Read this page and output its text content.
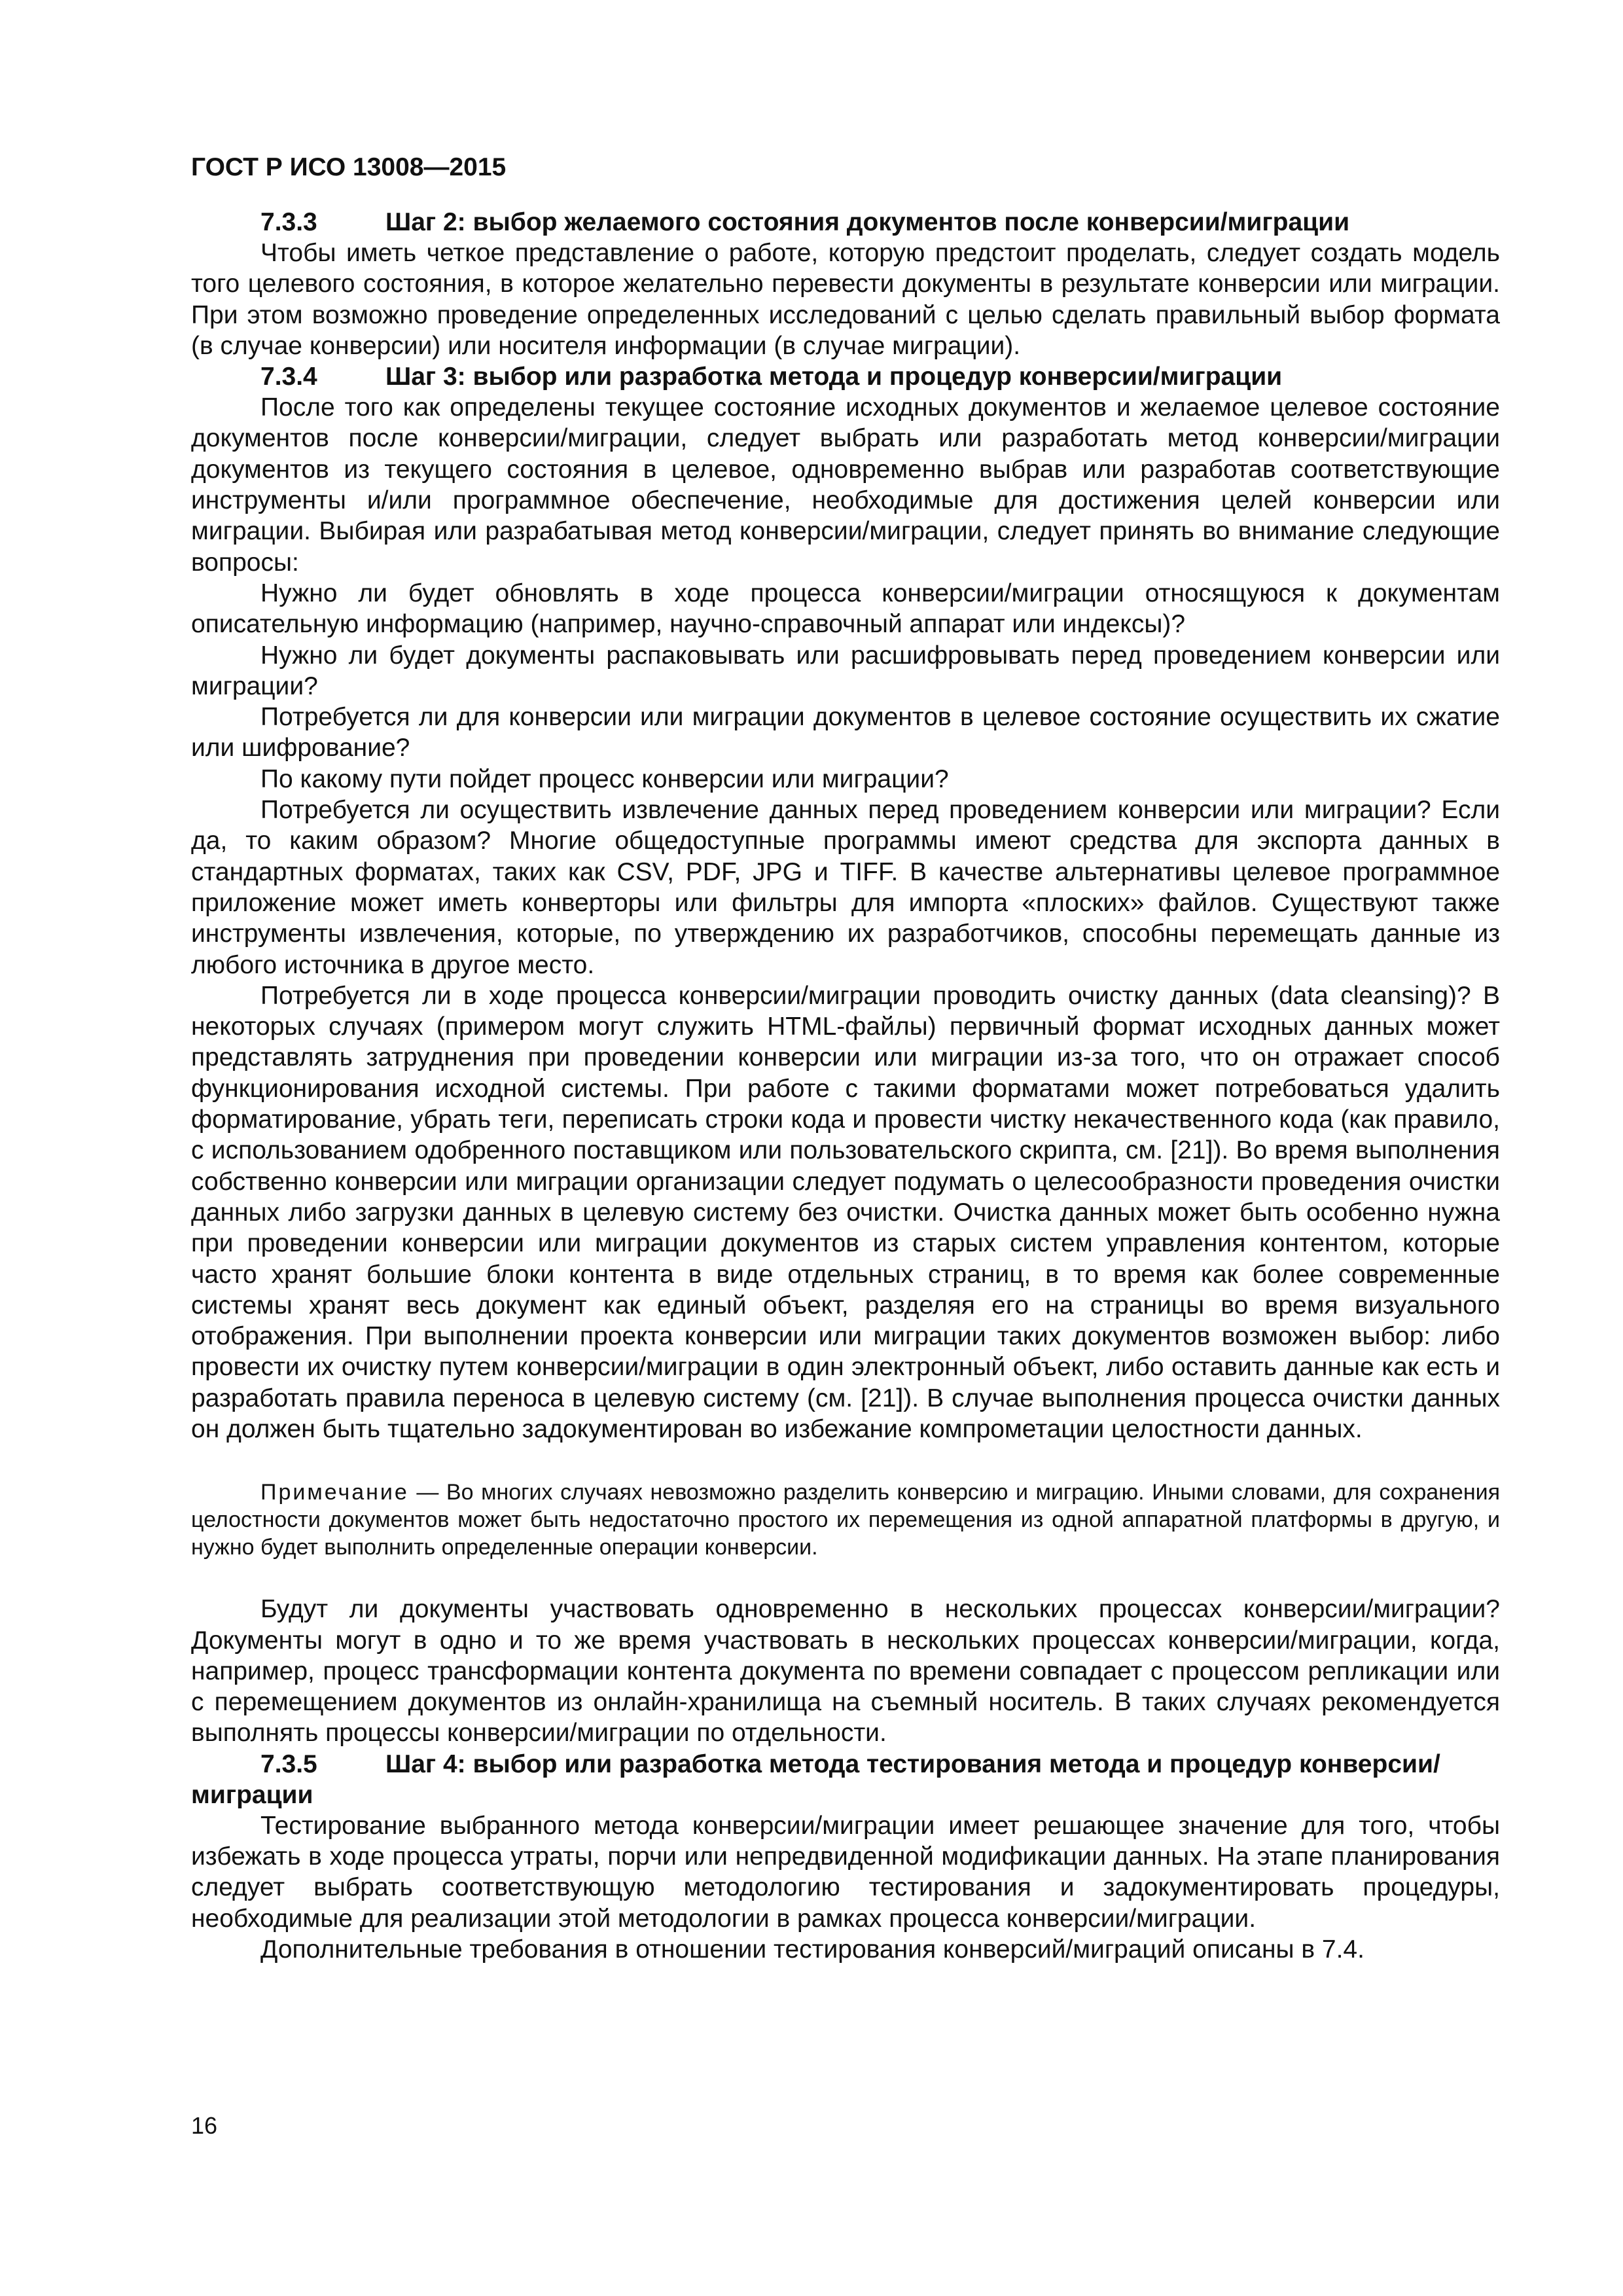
ГОСТ Р ИСО 13008—2015
7.3.3	Шаг 2: выбор желаемого состояния документов после конверсии/миграции

Чтобы иметь четкое представление о работе, которую предстоит проделать, следует создать модель того целевого состояния, в которое желательно перевести документы в результате конверсии или миграции. При этом возможно проведение определенных исследований с целью сделать правильный выбор формата (в случае конверсии) или носителя информации (в случае миграции).

7.3.4	Шаг 3: выбор или разработка метода и процедур конверсии/миграции

После того как определены текущее состояние исходных документов и желаемое целевое состояние документов после конверсии/миграции, следует выбрать или разработать метод конверсии/миграции документов из текущего состояния в целевое, одновременно выбрав или разработав соответствующие инструменты и/или программное обеспечение, необходимые для достижения целей конверсии или миграции. Выбирая или разрабатывая метод конверсии/миграции, следует принять во внимание следующие вопросы:

Нужно ли будет обновлять в ходе процесса конверсии/миграции относящуюся к документам описательную информацию (например, научно-справочный аппарат или индексы)?

Нужно ли будет документы распаковывать или расшифровывать перед проведением конверсии или миграции?

Потребуется ли для конверсии или миграции документов в целевое состояние осуществить их сжатие или шифрование?

По какому пути пойдет процесс конверсии или миграции?

Потребуется ли осуществить извлечение данных перед проведением конверсии или миграции? Если да, то каким образом? Многие общедоступные программы имеют средства для экспорта данных в стандартных форматах, таких как CSV, PDF, JPG и TIFF. В качестве альтернативы целевое программное приложение может иметь конверторы или фильтры для импорта «плоских» файлов. Существуют также инструменты извлечения, которые, по утверждению их разработчиков, способны перемещать данные из любого источника в другое место.

Потребуется ли в ходе процесса конверсии/миграции проводить очистку данных (data cleansing)? В некоторых случаях (примером могут служить HTML-файлы) первичный формат исходных данных может представлять затруднения при проведении конверсии или миграции из-за того, что он отражает способ функционирования исходной системы. При работе с такими форматами может потребоваться удалить форматирование, убрать теги, переписать строки кода и провести чистку некачественного кода (как правило, с использованием одобренного поставщиком или пользовательского скрипта, см. [21]). Во время выполнения собственно конверсии или миграции организации следует подумать о целесообразности проведения очистки данных либо загрузки данных в целевую систему без очистки. Очистка данных может быть особенно нужна при проведении конверсии или миграции документов из старых систем управления контентом, которые часто хранят большие блоки контента в виде отдельных страниц, в то время как более современные системы хранят весь документ как единый объект, разделяя его на страницы во время визуального отображения. При выполнении проекта конверсии или миграции таких документов возможен выбор: либо провести их очистку путем конверсии/миграции в один электронный объект, либо оставить данные как есть и разработать правила переноса в целевую систему (см. [21]). В случае выполнения процесса очистки данных он должен быть тщательно задокументирован во избежание компрометации целостности данных.

Примечание — Во многих случаях невозможно разделить конверсию и миграцию. Иными словами, для сохранения целостности документов может быть недостаточно простого их перемещения из одной аппаратной платформы в другую, и нужно будет выполнить определенные операции конверсии.

Будут ли документы участвовать одновременно в нескольких процессах конверсии/миграции? Документы могут в одно и то же время участвовать в нескольких процессах конверсии/миграции, когда, например, процесс трансформации контента документа по времени совпадает с процессом репликации или с перемещением документов из онлайн-хранилища на съемный носитель. В таких случаях рекомендуется выполнять процессы конверсии/миграции по отдельности.

7.3.5	Шаг 4: выбор или разработка метода тестирования метода и процедур конверсии/миграции

Тестирование выбранного метода конверсии/миграции имеет решающее значение для того, чтобы избежать в ходе процесса утраты, порчи или непредвиденной модификации данных. На этапе планирования следует выбрать соответствующую методологию тестирования и задокументировать процедуры, необходимые для реализации этой методологии в рамках процесса конверсии/миграции.

Дополнительные требования в отношении тестирования конверсий/миграций описаны в 7.4.

16
